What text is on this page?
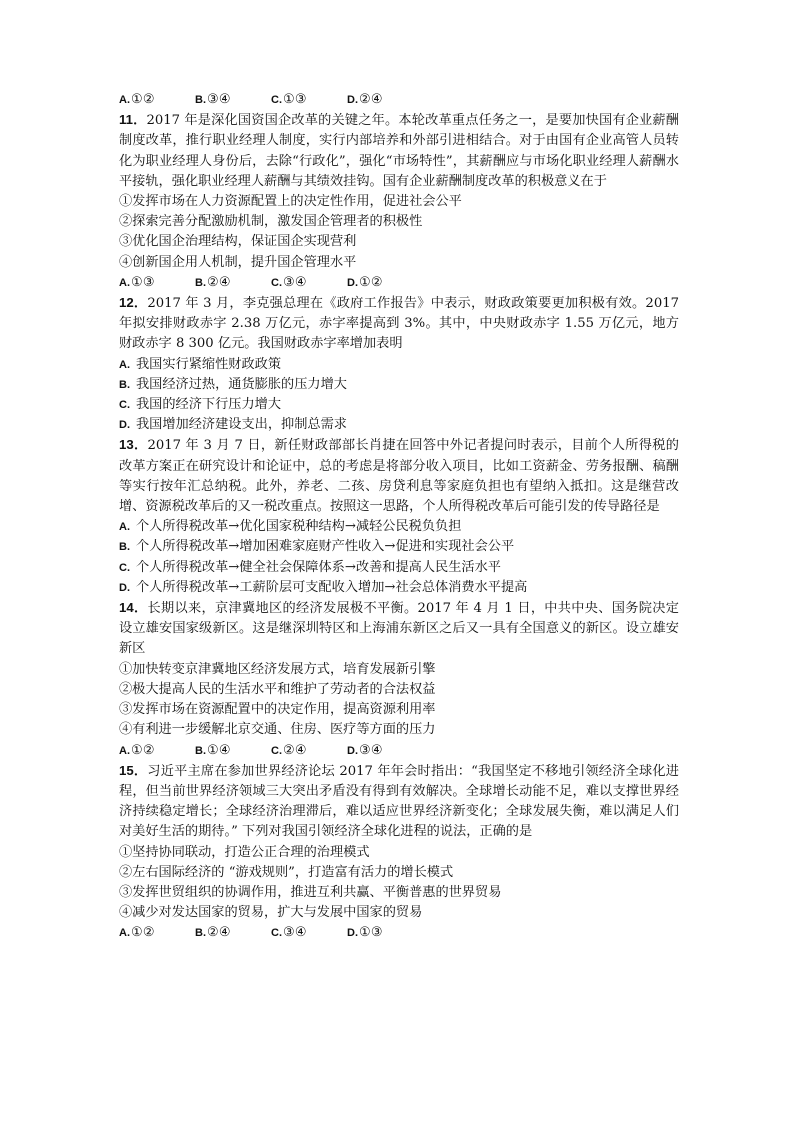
A.①②	B.③④	C.①③	D.②④

11．2017 年是深化国资国企改革的关键之年。本轮改革重点任务之一，是要加快国有企业薪酬制度改革，推行职业经理人制度，实行内部培养和外部引进相结合。对于由国有企业高管人员转化为职业经理人身份后，去除“行政化”，强化“市场特性”，其薪酬应与市场化职业经理人薪酬水平接轨，强化职业经理人薪酬与其绩效挂钩。国有企业薪酬制度改革的积极意义在于

①发挥市场在人力资源配置上的决定性作用，促进社会公平

②探索完善分配激励机制，激发国企管理者的积极性

③优化国企治理结构，保证国企实现营利

④创新国企用人机制，提升国企管理水平

A.①③	B.②④	C.③④	D.①②

12．2017 年 3 月，李克强总理在《政府工作报告》中表示，财政政策要更加积极有效。2017 年拟安排财政赤字 2.38 万亿元，赤字率提高到 3%。其中，中央财政赤字 1.55 万亿元，地方财政赤字 8 300 亿元。我国财政赤字率增加表明

A. 我国实行紧缩性财政政策

B. 我国经济过热，通货膨胀的压力增大

C. 我国的经济下行压力增大

D. 我国增加经济建设支出，抑制总需求

13．2017 年 3 月 7 日，新任财政部部长肖捷在回答中外记者提问时表示，目前个人所得税的改革方案正在研究设计和论证中，总的考虑是将部分收入项目，比如工资薪金、劳务报酬、稿酬等实行按年汇总纳税。此外，养老、二孩、房贷利息等家庭负担也有望纳入抵扣。这是继营改增、资源税改革后的又一税改重点。按照这一思路，个人所得税改革后可能引发的传导路径是

A. 个人所得税改革→优化国家税种结构→减轻公民税负负担

B. 个人所得税改革→增加困难家庭财产性收入→促进和实现社会公平

C. 个人所得税改革→健全社会保障体系→改善和提高人民生活水平

D. 个人所得税改革→工薪阶层可支配收入增加→社会总体消费水平提高

14．长期以来，京津冀地区的经济发展极不平衡。2017 年 4 月 1 日，中共中央、国务院决定设立雄安国家级新区。这是继深圳特区和上海浦东新区之后又一具有全国意义的新区。设立雄安新区

①加快转变京津冀地区经济发展方式，培育发展新引擎

②极大提高人民的生活水平和维护了劳动者的合法权益

③发挥市场在资源配置中的决定作用，提高资源利用率

④有利进一步缓解北京交通、住房、医疗等方面的压力

A.①②	B.①④	C.②④	D.③④

15．习近平主席在参加世界经济论坛 2017 年年会时指出：“我国坚定不移地引领经济全球化进程，但当前世界经济领域三大突出矛盾没有得到有效解决。全球增长动能不足，难以支撑世界经济持续稳定增长；全球经济治理滞后，难以适应世界经济新变化；全球发展失衡，难以满足人们对美好生活的期待。” 下列对我国引领经济全球化进程的说法，正确的是

①坚持协同联动，打造公正合理的治理模式

②左右国际经济的 “游戏规则”，打造富有活力的增长模式

③发挥世贸组织的协调作用，推进互利共赢、平衡普惠的世界贸易

④减少对发达国家的贸易，扩大与发展中国家的贸易

A.①②	B.②④	C.③④	D.①③
